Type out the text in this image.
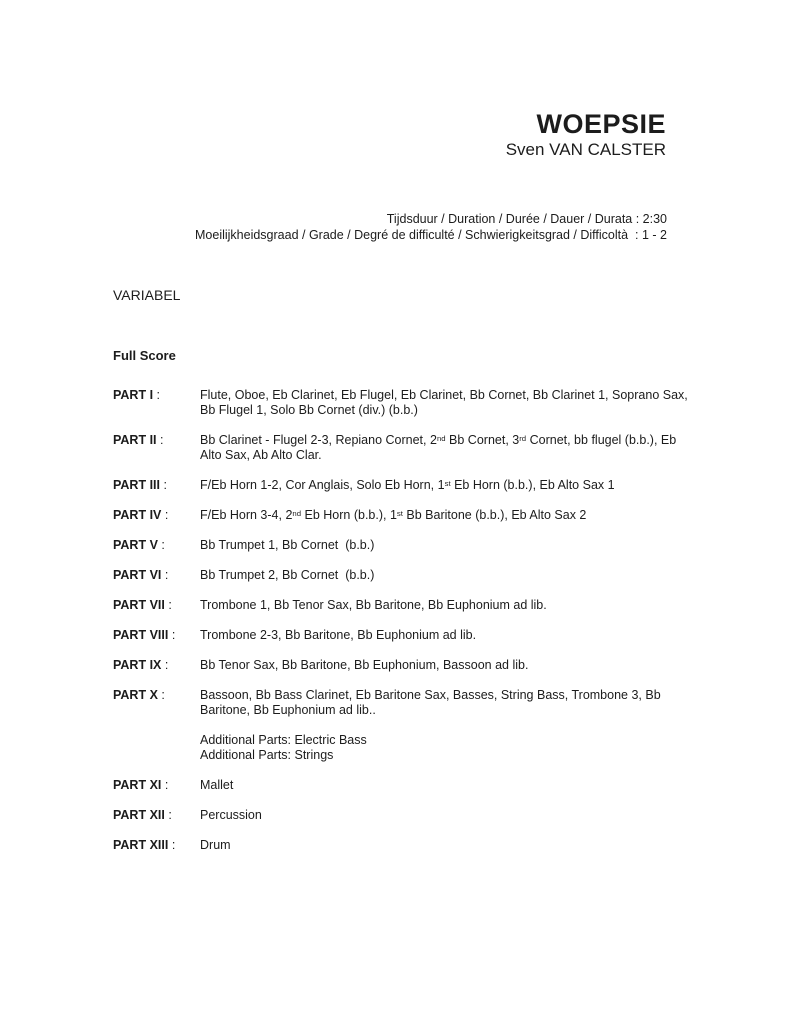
WOEPSIE
Sven VAN CALSTER
Tijdsduur / Duration / Durée / Dauer / Durata : 2:30
Moeilijkheidsgraad / Grade / Degré de difficulté / Schwierigkeitsgrad / Difficoltà  : 1 - 2
VARIABEL
Full Score
PART I :	Flute, Oboe, Eb Clarinet, Eb Flugel, Eb Clarinet, Bb Cornet, Bb Clarinet 1, Soprano Sax,
Bb Flugel 1, Solo Bb Cornet (div.) (b.b.)
PART II :	Bb Clarinet - Flugel 2-3, Repiano Cornet, 2nd Bb Cornet, 3rd Cornet, bb flugel (b.b.), Eb
Alto Sax, Ab Alto Clar.
PART III :	F/Eb Horn 1-2, Cor Anglais, Solo Eb Horn, 1st Eb Horn (b.b.), Eb Alto Sax 1
PART IV :	F/Eb Horn 3-4, 2nd Eb Horn (b.b.), 1st Bb Baritone (b.b.), Eb Alto Sax 2
PART V :	Bb Trumpet 1, Bb Cornet  (b.b.)
PART VI :	Bb Trumpet 2, Bb Cornet  (b.b.)
PART VII :	Trombone 1, Bb Tenor Sax, Bb Baritone, Bb Euphonium ad lib.
PART VIII :	Trombone 2-3, Bb Baritone, Bb Euphonium ad lib.
PART IX :	Bb Tenor Sax, Bb Baritone, Bb Euphonium, Bassoon ad lib.
PART X :	Bassoon, Bb Bass Clarinet, Eb Baritone Sax, Basses, String Bass, Trombone 3, Bb
Baritone, Bb Euphonium ad lib..
Additional Parts: Electric Bass
Additional Parts: Strings
PART XI :	Mallet
PART XII :	Percussion
PART XIII :	Drum
